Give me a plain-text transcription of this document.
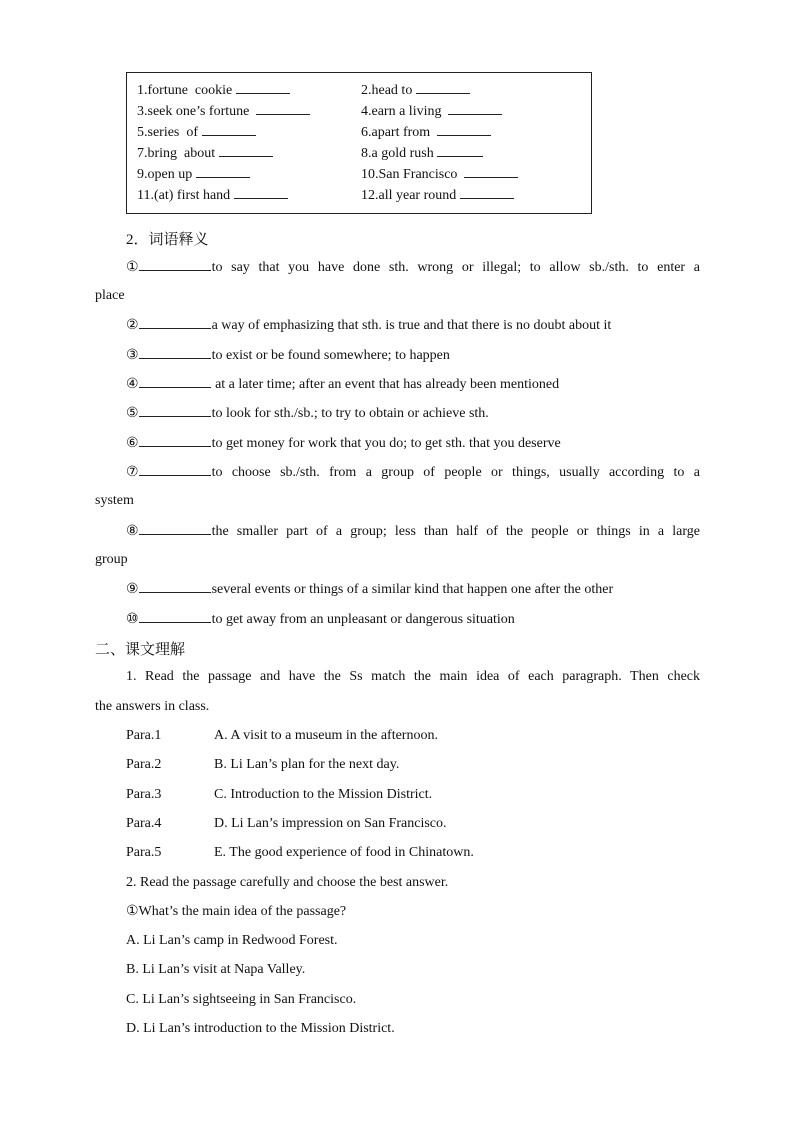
1.fortune  cookie	2.head to
3.seek one’s fortune	4.earn a living
5.series  of	6.apart from
7.bring  about	8.a gold rush
9.open up	10.San Francisco
11.(at) first hand	12.all year round
2．词语释义
①	to say that you have done sth. wrong or illegal; to allow sb./sth. to enter a
place
②	a way of emphasizing that sth. is true and that there is no doubt about it
③	to exist or be found somewhere; to happen
④	at a later time; after an event that has already been mentioned
⑤	to look for sth./sb.; to try to obtain or achieve sth.
⑥	to get money for work that you do; to get sth. that you deserve
⑦	to choose sb./sth. from a group of people or things, usually according to a
system
⑧	the smaller part of a group; less than half of the people or things in a large
group
⑨	several events or things of a similar kind that happen one after the other
⑩	to get away from an unpleasant or dangerous situation
二、课文理解
1. Read the passage and have the Ss match the main idea of each paragraph. Then check
the answers in class.
Para.1	A. A visit to a museum in the afternoon.
Para.2	B. Li Lan’s plan for the next day.
Para.3	C. Introduction to the Mission District.
Para.4	D. Li Lan’s impression on San Francisco.
Para.5	E. The good experience of food in Chinatown.
2. Read the passage carefully and choose the best answer.
①What’s the main idea of the passage?
A. Li Lan’s camp in Redwood Forest.
B. Li Lan’s visit at Napa Valley.
C. Li Lan’s sightseeing in San Francisco.
D. Li Lan’s introduction to the Mission District.
